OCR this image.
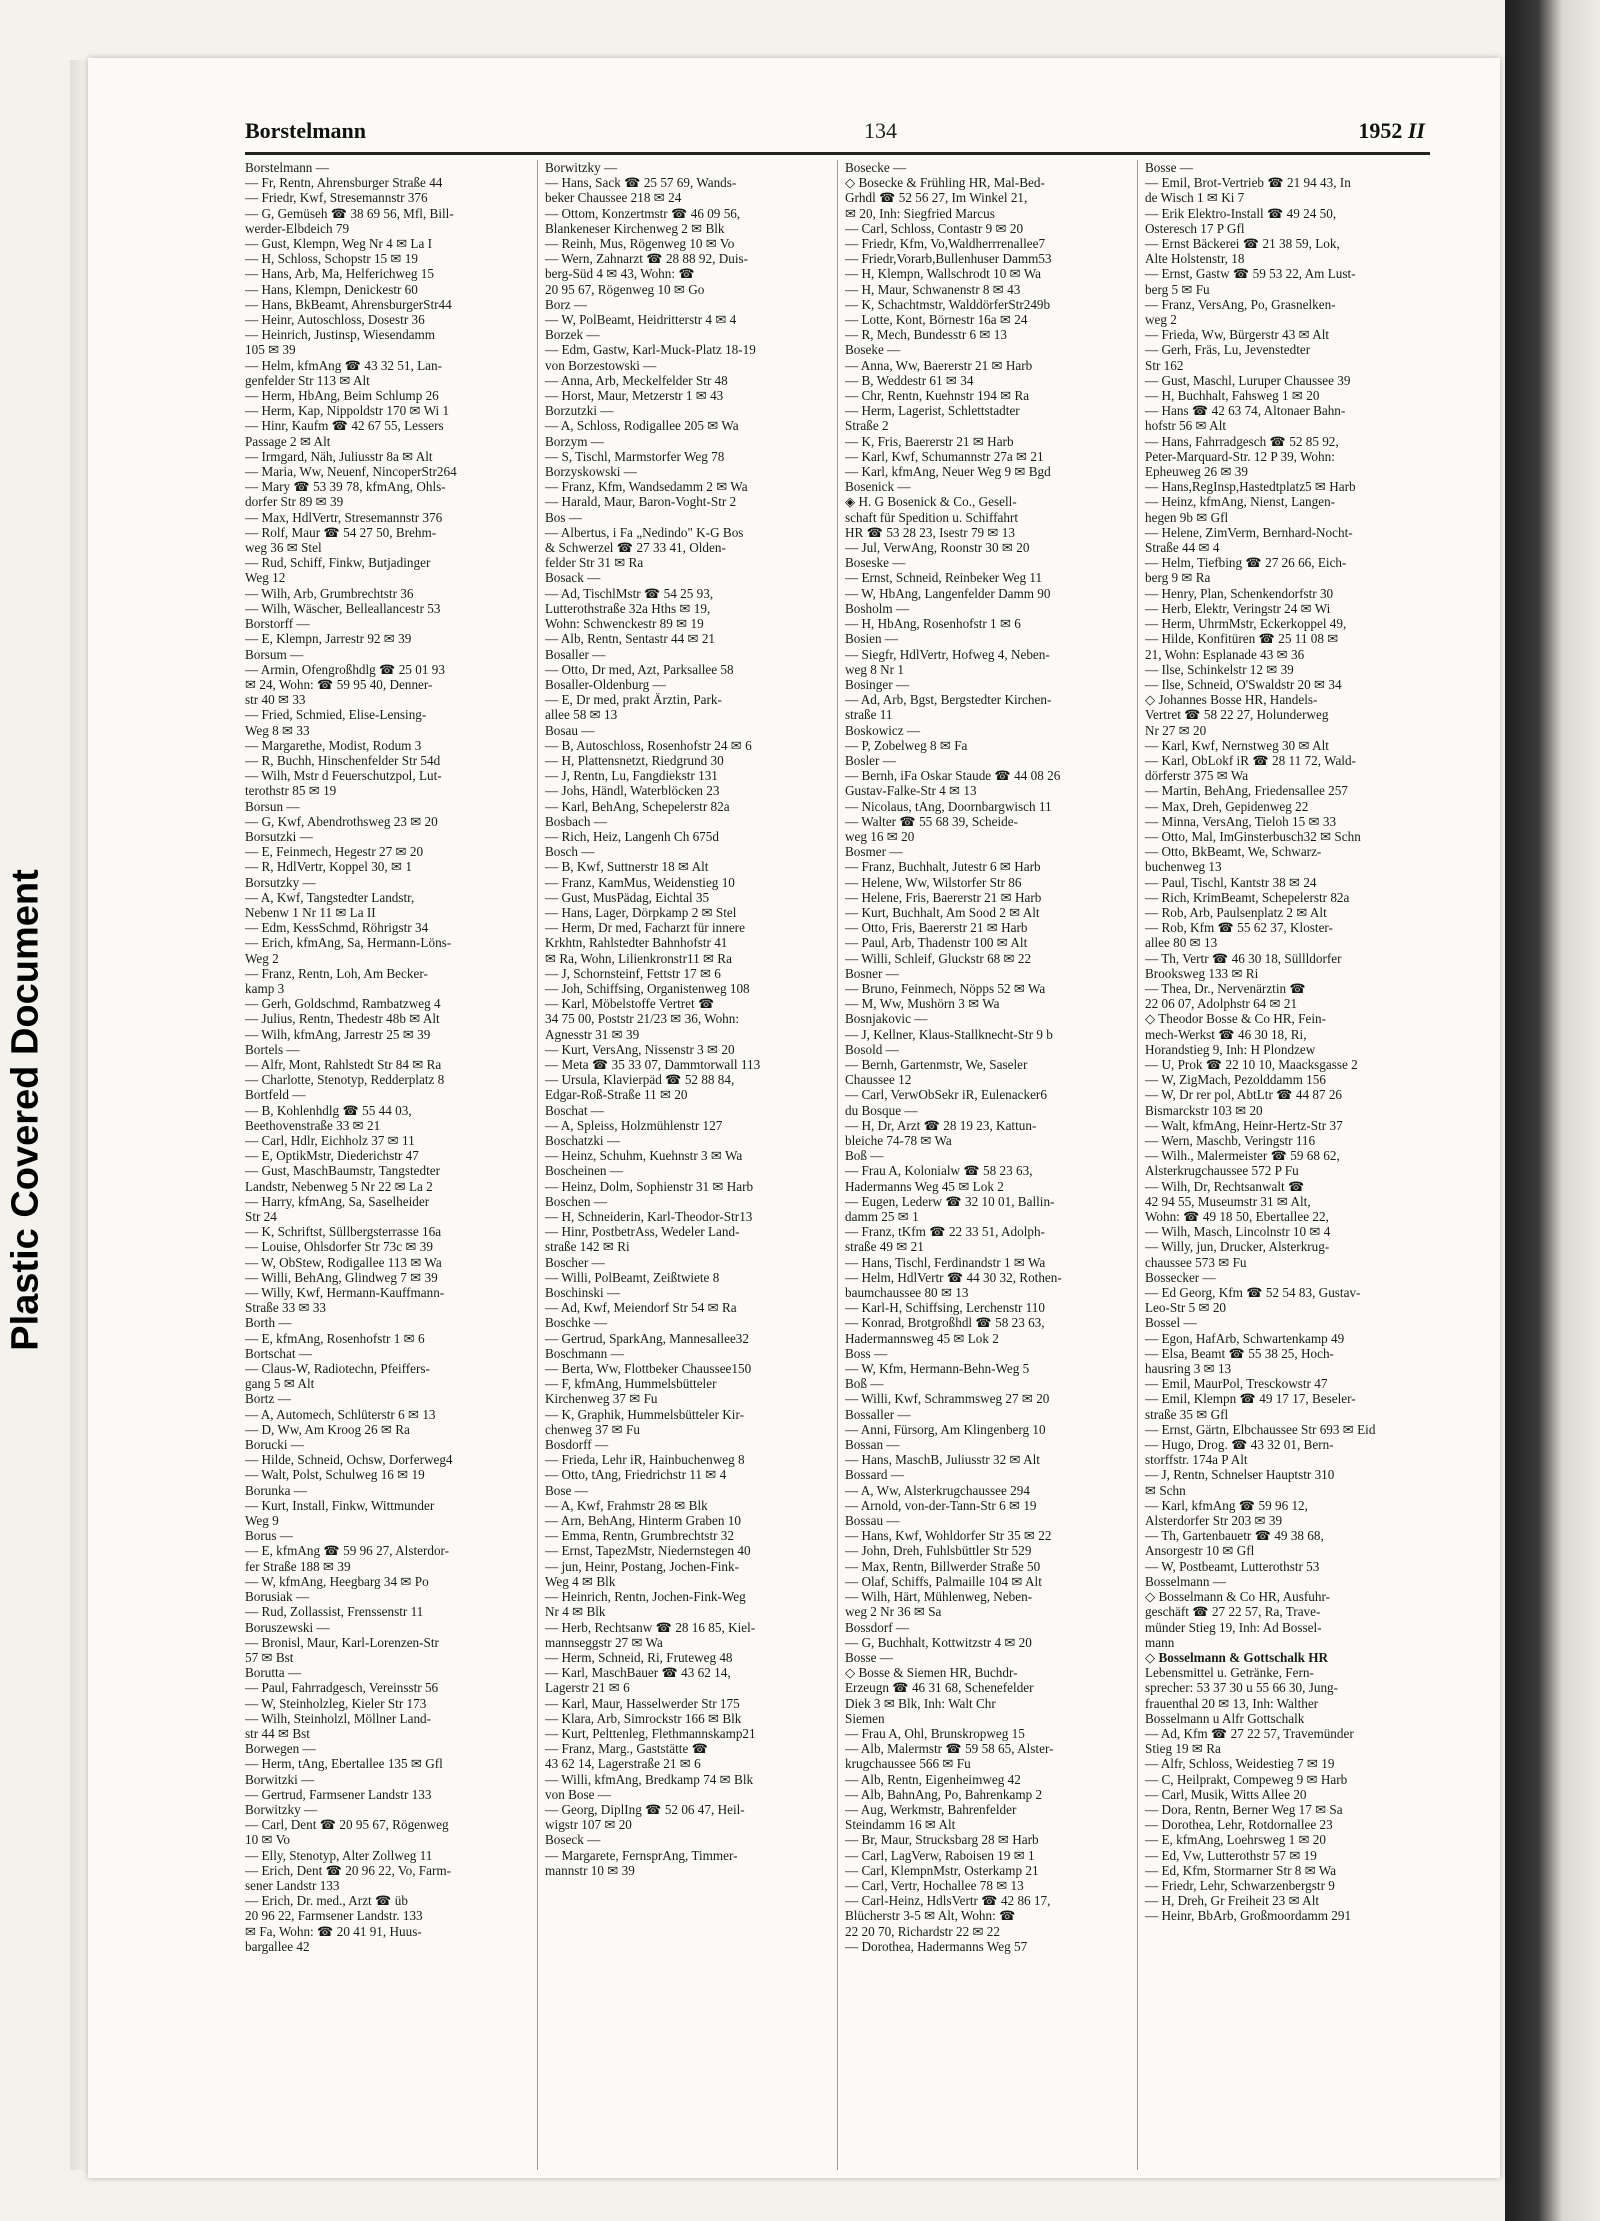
Plastic Covered Document
Borstelmann	134	1952 II
Borstelmann —
— Fr, Rentn, Ahrensburger Straße 44
— Friedr, Kwf, Stresemannstr 376
— G, Gemüseh ☎ 38 69 56, Mfl, Bill-
werder-Elbdeich 79
— Gust, Klempn, Weg Nr 4 ✉ La I
— H, Schloss, Schopstr 15 ✉ 19
— Hans, Arb, Ma, Helferichweg 15
— Hans, Klempn, Denickestr 60
— Hans, BkBeamt, AhrensburgerStr44
— Heinr, Autoschloss, Dosestr 36
— Heinrich, Justinsp, Wiesendamm
105 ✉ 39
— Helm, kfmAng ☎ 43 32 51, Lan-
genfelder Str 113 ✉ Alt
— Herm, HbAng, Beim Schlump 26
— Herm, Kap, Nippoldstr 170 ✉ Wi 1
— Hinr, Kaufm ☎ 42 67 55, Lessers
Passage 2 ✉ Alt
— Irmgard, Näh, Juliusstr 8a ✉ Alt
— Maria, Ww, Neuenf, NincoperStr264
— Mary ☎ 53 39 78, kfmAng, Ohls-
dorfer Str 89 ✉ 39
— Max, HdlVertr, Stresemannstr 376
— Rolf, Maur ☎ 54 27 50, Brehm-
weg 36 ✉ Stel
— Rud, Schiff, Finkw, Butjadinger
Weg 12
— Wilh, Arb, Grumbrechtstr 36
— Wilh, Wäscher, Belleallancestr 53
Borstorff —
— E, Klempn, Jarrestr 92 ✉ 39
Borsum —
— Armin, Ofengroßhdlg ☎ 25 01 93
✉ 24, Wohn: ☎ 59 95 40, Denner-
str 40 ✉ 33
— Fried, Schmied, Elise-Lensing-
Weg 8 ✉ 33
— Margarethe, Modist, Rodum 3
— R, Buchh, Hinschenfelder Str 54d
— Wilh, Mstr d Feuerschutzpol, Lut-
terothstr 85 ✉ 19
Borsun —
— G, Kwf, Abendrothsweg 23 ✉ 20
Borsutzki —
— E, Feinmech, Hegestr 27 ✉ 20
— R, HdlVertr, Koppel 30, ✉ 1
Borsutzky —
— A, Kwf, Tangstedter Landstr,
Nebenw 1 Nr 11 ✉ La II
— Edm, KessSchmd, Röhrigstr 34
— Erich, kfmAng, Sa, Hermann-Löns-
Weg 2
— Franz, Rentn, Loh, Am Becker-
kamp 3
— Gerh, Goldschmd, Rambatzweg 4
— Julius, Rentn, Thedestr 48b ✉ Alt
— Wilh, kfmAng, Jarrestr 25 ✉ 39
Bortels —
— Alfr, Mont, Rahlstedt Str 84 ✉ Ra
— Charlotte, Stenotyp, Redderplatz 8
Bortfeld —
— B, Kohlenhdlg ☎ 55 44 03,
Beethovenstraße 33 ✉ 21
— Carl, Hdlr, Eichholz 37 ✉ 11
— E, OptikMstr, Diederichstr 47
— Gust, MaschBaumstr, Tangstedter
Landstr, Nebenweg 5 Nr 22 ✉ La 2
— Harry, kfmAng, Sa, Saselheider
Str 24
— K, Schriftst, Süllbergsterrasse 16a
— Louise, Ohlsdorfer Str 73c ✉ 39
— W, ObStew, Rodigallee 113 ✉ Wa
— Willi, BehAng, Glindweg 7 ✉ 39
— Willy, Kwf, Hermann-Kauffmann-
Straße 33 ✉ 33
Borth —
— E, kfmAng, Rosenhofstr 1 ✉ 6
Bortschat —
— Claus-W, Radiotechn, Pfeiffers-
gang 5 ✉ Alt
Bortz —
— A, Automech, Schlüterstr 6 ✉ 13
— D, Ww, Am Kroog 26 ✉ Ra
Borucki —
— Hilde, Schneid, Ochsw, Dorferweg4
— Walt, Polst, Schulweg 16 ✉ 19
Borunka —
— Kurt, Install, Finkw, Wittmunder
Weg 9
Borus —
— E, kfmAng ☎ 59 96 27, Alsterdor-
fer Straße 188 ✉ 39
— W, kfmAng, Heegbarg 34 ✉ Po
Borusiak —
— Rud, Zollassist, Frenssenstr 11
Boruszewski —
— Bronisl, Maur, Karl-Lorenzen-Str
57 ✉ Bst
Borutta —
— Paul, Fahrradgesch, Vereinsstr 56
— W, Steinholzleg, Kieler Str 173
— Wilh, Steinholzl, Möllner Land-
str 44 ✉ Bst
Borwegen —
— Herm, tAng, Ebertallee 135 ✉ Gfl
Borwitzki —
— Gertrud, Farmsener Landstr 133
Borwitzky —
— Carl, Dent ☎ 20 95 67, Rögenweg
10 ✉ Vo
— Elly, Stenotyp, Alter Zollweg 11
— Erich, Dent ☎ 20 96 22, Vo, Farm-
sener Landstr 133
— Erich, Dr. med., Arzt ☎ üb
20 96 22, Farmsener Landstr. 133
✉ Fa, Wohn: ☎ 20 41 91, Huus-
bargallee 42
Borwitzky —
— Hans, Sack ☎ 25 57 69, Wands-
beker Chaussee 218 ✉ 24
— Ottom, Konzertmstr ☎ 46 09 56,
Blankeneser Kirchenweg 2 ✉ Blk
— Reinh, Mus, Rögenweg 10 ✉ Vo
— Wern, Zahnarzt ☎ 28 88 92, Duis-
berg-Süd 4 ✉ 43, Wohn: ☎
20 95 67, Rögenweg 10 ✉ Go
Borz —
— W, PolBeamt, Heidritterstr 4 ✉ 4
Borzek —
— Edm, Gastw, Karl-Muck-Platz 18-19
von Borzestowski —
— Anna, Arb, Meckelfelder Str 48
— Horst, Maur, Metzerstr 1 ✉ 43
Borzutzki —
— A, Schloss, Rodigallee 205 ✉ Wa
Borzym —
— S, Tischl, Marmstorfer Weg 78
Borzyskowski —
— Franz, Kfm, Wandsedamm 2 ✉ Wa
— Harald, Maur, Baron-Voght-Str 2
Bos —
— Albertus, i Fa „Nedindo" K-G Bos
& Schwerzel ☎ 27 33 41, Olden-
felder Str 31 ✉ Ra
Bosack —
— Ad, TischlMstr ☎ 54 25 93,
Lutterothstraße 32a Hths ✉ 19,
Wohn: Schwenckestr 89 ✉ 19
— Alb, Rentn, Sentastr 44 ✉ 21
Bosaller —
— Otto, Dr med, Azt, Parksallee 58
Bosaller-Oldenburg —
— E, Dr med, prakt Ärztin, Park-
allee 58 ✉ 13
Bosau —
— B, Autoschloss, Rosenhofstr 24 ✉ 6
— H, Plattensnetzt, Riedgrund 30
— J, Rentn, Lu, Fangdiekstr 131
— Johs, Händl, Waterblöcken 23
— Karl, BehAng, Schepelerstr 82a
Bosbach —
— Rich, Heiz, Langenh Ch 675d
Bosch —
— B, Kwf, Suttnerstr 18 ✉ Alt
— Franz, KamMus, Weidenstieg 10
— Gust, MusPädag, Eichtal 35
— Hans, Lager, Dörpkamp 2 ✉ Stel
— Herm, Dr med, Facharzt für innere
Krkhtn, Rahlstedter Bahnhofstr 41
✉ Ra, Wohn, Lilienkronstr11 ✉ Ra
— J, Schornsteinf, Fettstr 17 ✉ 6
— Joh, Schiffsing, Organistenweg 108
— Karl, Möbelstoffe Vertret ☎
34 75 00, Poststr 21/23 ✉ 36, Wohn:
Agnesstr 31 ✉ 39
— Kurt, VersAng, Nissenstr 3 ✉ 20
— Meta ☎ 35 33 07, Dammtorwall 113
— Ursula, Klavierpäd ☎ 52 88 84,
Edgar-Roß-Straße 11 ✉ 20
Boschat —
— A, Spleiss, Holzmühlenstr 127
Boschatzki —
— Heinz, Schuhm, Kuehnstr 3 ✉ Wa
Boscheinen —
— Heinz, Dolm, Sophienstr 31 ✉ Harb
Boschen —
— H, Schneiderin, Karl-Theodor-Str13
— Hinr, PostbetrAss, Wedeler Land-
straße 142 ✉ Ri
Boscher —
— Willi, PolBeamt, Zeißtwiete 8
Boschinski —
— Ad, Kwf, Meiendorf Str 54 ✉ Ra
Boschke —
— Gertrud, SparkAng, Mannesallee32
Boschmann —
— Berta, Ww, Flottbeker Chaussee150
— F, kfmAng, Hummelsbütteler
Kirchenweg 37 ✉ Fu
— K, Graphik, Hummelsbütteler Kir-
chenweg 37 ✉ Fu
Bosdorff —
— Frieda, Lehr iR, Hainbuchenweg 8
— Otto, tAng, Friedrichstr 11 ✉ 4
Bose —
— A, Kwf, Frahmstr 28 ✉ Blk
— Arn, BehAng, Hinterm Graben 10
— Emma, Rentn, Grumbrechtstr 32
— Ernst, TapezMstr, Niedernstegen 40
— jun, Heinr, Postang, Jochen-Fink-
Weg 4 ✉ Blk
— Heinrich, Rentn, Jochen-Fink-Weg
Nr 4 ✉ Blk
— Herb, Rechtsanw ☎ 28 16 85, Kiel-
mannseggstr 27 ✉ Wa
— Herm, Schneid, Ri, Fruteweg 48
— Karl, MaschBauer ☎ 43 62 14,
Lagerstr 21 ✉ 6
— Karl, Maur, Hasselwerder Str 175
— Klara, Arb, Simrockstr 166 ✉ Blk
— Kurt, Pelttenleg, Flethmannskamp21
— Franz, Marg., Gaststätte ☎
43 62 14, Lagerstraße 21 ✉ 6
— Willi, kfmAng, Bredkamp 74 ✉ Blk
von Bose —
— Georg, DiplIng ☎ 52 06 47, Heil-
wigstr 107 ✉ 20
Boseck —
— Margarete, FernsprAng, Timmer-
mannstr 10 ✉ 39
Bosecke —
◇ Bosecke & Frühling HR, Mal-Bed-
Grhdl ☎ 52 56 27, Im Winkel 21,
✉ 20, Inh: Siegfried Marcus
— Carl, Schloss, Contastr 9 ✉ 20
— Friedr, Kfm, Vo,Waldherrrenallee7
— Friedr,Vorarb,Bullenhuser Damm53
— H, Klempn, Wallschrodt 10 ✉ Wa
— H, Maur, Schwanenstr 8 ✉ 43
— K, Schachtmstr, WalddörferStr249b
— Lotte, Kont, Börnestr 16a ✉ 24
— R, Mech, Bundesstr 6 ✉ 13
Boseke —
— Anna, Ww, Baererstr 21 ✉ Harb
— B, Weddestr 61 ✉ 34
— Chr, Rentn, Kuehnstr 194 ✉ Ra
— Herm, Lagerist, Schlettstadter
Straße 2
— K, Fris, Baererstr 21 ✉ Harb
— Karl, Kwf, Schumannstr 27a ✉ 21
— Karl, kfmAng, Neuer Weg 9 ✉ Bgd
Bosenick —
◈ H. G Bosenick & Co., Gesell-
schaft für Spedition u. Schiffahrt
HR ☎ 53 28 23, Isestr 79 ✉ 13
— Jul, VerwAng, Roonstr 30 ✉ 20
Boseske —
— Ernst, Schneid, Reinbeker Weg 11
— W, HbAng, Langenfelder Damm 90
Bosholm —
— H, HbAng, Rosenhofstr 1 ✉ 6
Bosien —
— Siegfr, HdlVertr, Hofweg 4, Neben-
weg 8 Nr 1
Bosinger —
— Ad, Arb, Bgst, Bergstedter Kirchen-
straße 11
Boskowicz —
— P, Zobelweg 8 ✉ Fa
Bosler —
— Bernh, iFa Oskar Staude ☎ 44 08 26
Gustav-Falke-Str 4 ✉ 13
— Nicolaus, tAng, Doornbargwisch 11
— Walter ☎ 55 68 39, Scheide-
weg 16 ✉ 20
Bosmer —
— Franz, Buchhalt, Jutestr 6 ✉ Harb
— Helene, Ww, Wilstorfer Str 86
— Helene, Fris, Baererstr 21 ✉ Harb
— Kurt, Buchhalt, Am Sood 2 ✉ Alt
— Otto, Fris, Baererstr 21 ✉ Harb
— Paul, Arb, Thadenstr 100 ✉ Alt
— Willi, Schleif, Gluckstr 68 ✉ 22
Bosner —
— Bruno, Feinmech, Nöpps 52 ✉ Wa
— M, Ww, Mushörn 3 ✉ Wa
Bosnjakovic —
— J, Kellner, Klaus-Stallknecht-Str 9 b
Bosold —
— Bernh, Gartenmstr, We, Saseler
Chaussee 12
— Carl, VerwObSekr iR, Eulenacker6
du Bosque —
— H, Dr, Arzt ☎ 28 19 23, Kattun-
bleiche 74-78 ✉ Wa
Boß —
— Frau A, Kolonialw ☎ 58 23 63,
Hadermanns Weg 45 ✉ Lok 2
— Eugen, Lederw ☎ 32 10 01, Ballin-
damm 25 ✉ 1
— Franz, tKfm ☎ 22 33 51, Adolph-
straße 49 ✉ 21
— Hans, Tischl, Ferdinandstr 1 ✉ Wa
— Helm, HdlVertr ☎ 44 30 32, Rothen-
baumchaussee 80 ✉ 13
— Karl-H, Schiffsing, Lerchenstr 110
— Konrad, Brotgroßhdl ☎ 58 23 63,
Hadermannsweg 45 ✉ Lok 2
Boss —
— W, Kfm, Hermann-Behn-Weg 5
Boß —
— Willi, Kwf, Schrammsweg 27 ✉ 20
Bossaller —
— Anni, Fürsorg, Am Klingenberg 10
Bossan —
— Hans, MaschB, Juliusstr 32 ✉ Alt
Bossard —
— A, Ww, Alsterkrugchaussee 294
— Arnold, von-der-Tann-Str 6 ✉ 19
Bossau —
— Hans, Kwf, Wohldorfer Str 35 ✉ 22
— John, Dreh, Fuhlsbüttler Str 529
— Max, Rentn, Billwerder Straße 50
— Olaf, Schiffs, Palmaille 104 ✉ Alt
— Wilh, Härt, Mühlenweg, Neben-
weg 2 Nr 36 ✉ Sa
Bossdorf —
— G, Buchhalt, Kottwitzstr 4 ✉ 20
Bosse —
◇ Bosse & Siemen HR, Buchdr-
Erzeugn ☎ 46 31 68, Schenefelder
Diek 3 ✉ Blk, Inh: Walt Chr
Siemen
— Frau A, Ohl, Brunskropweg 15
— Alb, Malermstr ☎ 59 58 65, Alster-
krugchaussee 566 ✉ Fu
— Alb, Rentn, Eigenheimweg 42
— Alb, BahnAng, Po, Bahrenkamp 2
— Aug, Werkmstr, Bahrenfelder
Steindamm 16 ✉ Alt
— Br, Maur, Strucksbarg 28 ✉ Harb
— Carl, LagVerw, Raboisen 19 ✉ 1
— Carl, KlempnMstr, Osterkamp 21
— Carl, Vertr, Hochallee 78 ✉ 13
— Carl-Heinz, HdlsVertr ☎ 42 86 17,
Blücherstr 3-5 ✉ Alt, Wohn: ☎
22 20 70, Richardstr 22 ✉ 22
— Dorothea, Hadermanns Weg 57
Bosse —
— Emil, Brot-Vertrieb ☎ 21 94 43, In
de Wisch 1 ✉ Ki 7
— Erik Elektro-Install ☎ 49 24 50,
Osteresch 17 P Gfl
— Ernst Bäckerei ☎ 21 38 59, Lok,
Alte Holstenstr, 18
— Ernst, Gastw ☎ 59 53 22, Am Lust-
berg 5 ✉ Fu
— Franz, VersAng, Po, Grasnelken-
weg 2
— Frieda, Ww, Bürgerstr 43 ✉ Alt
— Gerh, Fräs, Lu, Jevenstedter
Str 162
— Gust, Maschl, Luruper Chaussee 39
— H, Buchhalt, Fahsweg 1 ✉ 20
— Hans ☎ 42 63 74, Altonaer Bahn-
hofstr 56 ✉ Alt
— Hans, Fahrradgesch ☎ 52 85 92,
Peter-Marquard-Str. 12 P 39, Wohn:
Epheuweg 26 ✉ 39
— Hans,RegInsp,Hastedtplatz5 ✉ Harb
— Heinz, kfmAng, Nienst, Langen-
hegen 9b ✉ Gfl
— Helene, ZimVerm, Bernhard-Nocht-
Straße 44 ✉ 4
— Helm, Tiefbing ☎ 27 26 66, Eich-
berg 9 ✉ Ra
— Henry, Plan, Schenkendorfstr 30
— Herb, Elektr, Veringstr 24 ✉ Wi
— Herm, UhrmMstr, Eckerkoppel 49,
— Hilde, Konfitüren ☎ 25 11 08 ✉
21, Wohn: Esplanade 43 ✉ 36
— Ilse, Schinkelstr 12 ✉ 39
— Ilse, Schneid, O'Swaldstr 20 ✉ 34
◇ Johannes Bosse HR, Handels-
Vertret ☎ 58 22 27, Holunderweg
Nr 27 ✉ 20
— Karl, Kwf, Nernstweg 30 ✉ Alt
— Karl, ObLokf iR ☎ 28 11 72, Wald-
dörferstr 375 ✉ Wa
— Martin, BehAng, Friedensallee 257
— Max, Dreh, Gepidenweg 22
— Minna, VersAng, Tieloh 15 ✉ 33
— Otto, Mal, ImGinsterbusch32 ✉ Schn
— Otto, BkBeamt, We, Schwarz-
buchenweg 13
— Paul, Tischl, Kantstr 38 ✉ 24
— Rich, KrimBeamt, Schepelerstr 82a
— Rob, Arb, Paulsenplatz 2 ✉ Alt
— Rob, Kfm ☎ 55 62 37, Kloster-
allee 80 ✉ 13
— Th, Vertr ☎ 46 30 18, Süllldorfer
Brooksweg 133 ✉ Ri
— Thea, Dr., Nervenärztin ☎
22 06 07, Adolphstr 64 ✉ 21
◇ Theodor Bosse & Co HR, Fein-
mech-Werkst ☎ 46 30 18, Ri,
Horandstieg 9, Inh: H Plondzew
— U, Prok ☎ 22 10 10, Maacksgasse 2
— W, ZigMach, Pezolddamm 156
— W, Dr rer pol, AbtLtr ☎ 44 87 26
Bismarckstr 103 ✉ 20
— Walt, kfmAng, Heinr-Hertz-Str 37
— Wern, Maschb, Veringstr 116
— Wilh., Malermeister ☎ 59 68 62,
Alsterkrugchaussee 572 P Fu
— Wilh, Dr, Rechtsanwalt ☎
42 94 55, Museumstr 31 ✉ Alt,
Wohn: ☎ 49 18 50, Ebertallee 22,
— Wilh, Masch, Lincolnstr 10 ✉ 4
— Willy, jun, Drucker, Alsterkrug-
chaussee 573 ✉ Fu
Bossecker —
— Ed Georg, Kfm ☎ 52 54 83, Gustav-
Leo-Str 5 ✉ 20
Bossel —
— Egon, HafArb, Schwartenkamp 49
— Elsa, Beamt ☎ 55 38 25, Hoch-
hausring 3 ✉ 13
— Emil, MaurPol, Tresckowstr 47
— Emil, Klempn ☎ 49 17 17, Beseler-
straße 35 ✉ Gfl
— Ernst, Gärtn, Elbchaussee Str 693 ✉ Eid
— Hugo, Drog. ☎ 43 32 01, Bern-
storffstr. 174a P Alt
— J, Rentn, Schnelser Hauptstr 310
✉ Schn
— Karl, kfmAng ☎ 59 96 12,
Alsterdorfer Str 203 ✉ 39
— Th, Gartenbauetr ☎ 49 38 68,
Ansorgestr 10 ✉ Gfl
— W, Postbeamt, Lutterothstr 53
Bosselmann —
◇ Bosselmann & Co HR, Ausfuhr-
geschäft ☎ 27 22 57, Ra, Trave-
münder Stieg 19, Inh: Ad Bossel-
mann
◇ Bosselmann & Gottschalk HR
Lebensmittel u. Getränke, Fern-
sprecher: 53 37 30 u 55 66 30, Jung-
frauenthal 20 ✉ 13, Inh: Walther
Bosselmann u Alfr Gottschalk
— Ad, Kfm ☎ 27 22 57, Travemünder
Stieg 19 ✉ Ra
— Alfr, Schloss, Weidestieg 7 ✉ 19
— C, Heilprakt, Compeweg 9 ✉ Harb
— Carl, Musik, Witts Allee 20
— Dora, Rentn, Berner Weg 17 ✉ Sa
— Dorothea, Lehr, Rotdornallee 23
— E, kfmAng, Loehrsweg 1 ✉ 20
— Ed, Vw, Lutterothstr 57 ✉ 19
— Ed, Kfm, Stormarner Str 8 ✉ Wa
— Friedr, Lehr, Schwarzenbergstr 9
— H, Dreh, Gr Freiheit 23 ✉ Alt
— Heinr, BbArb, Großmoordamm 291
